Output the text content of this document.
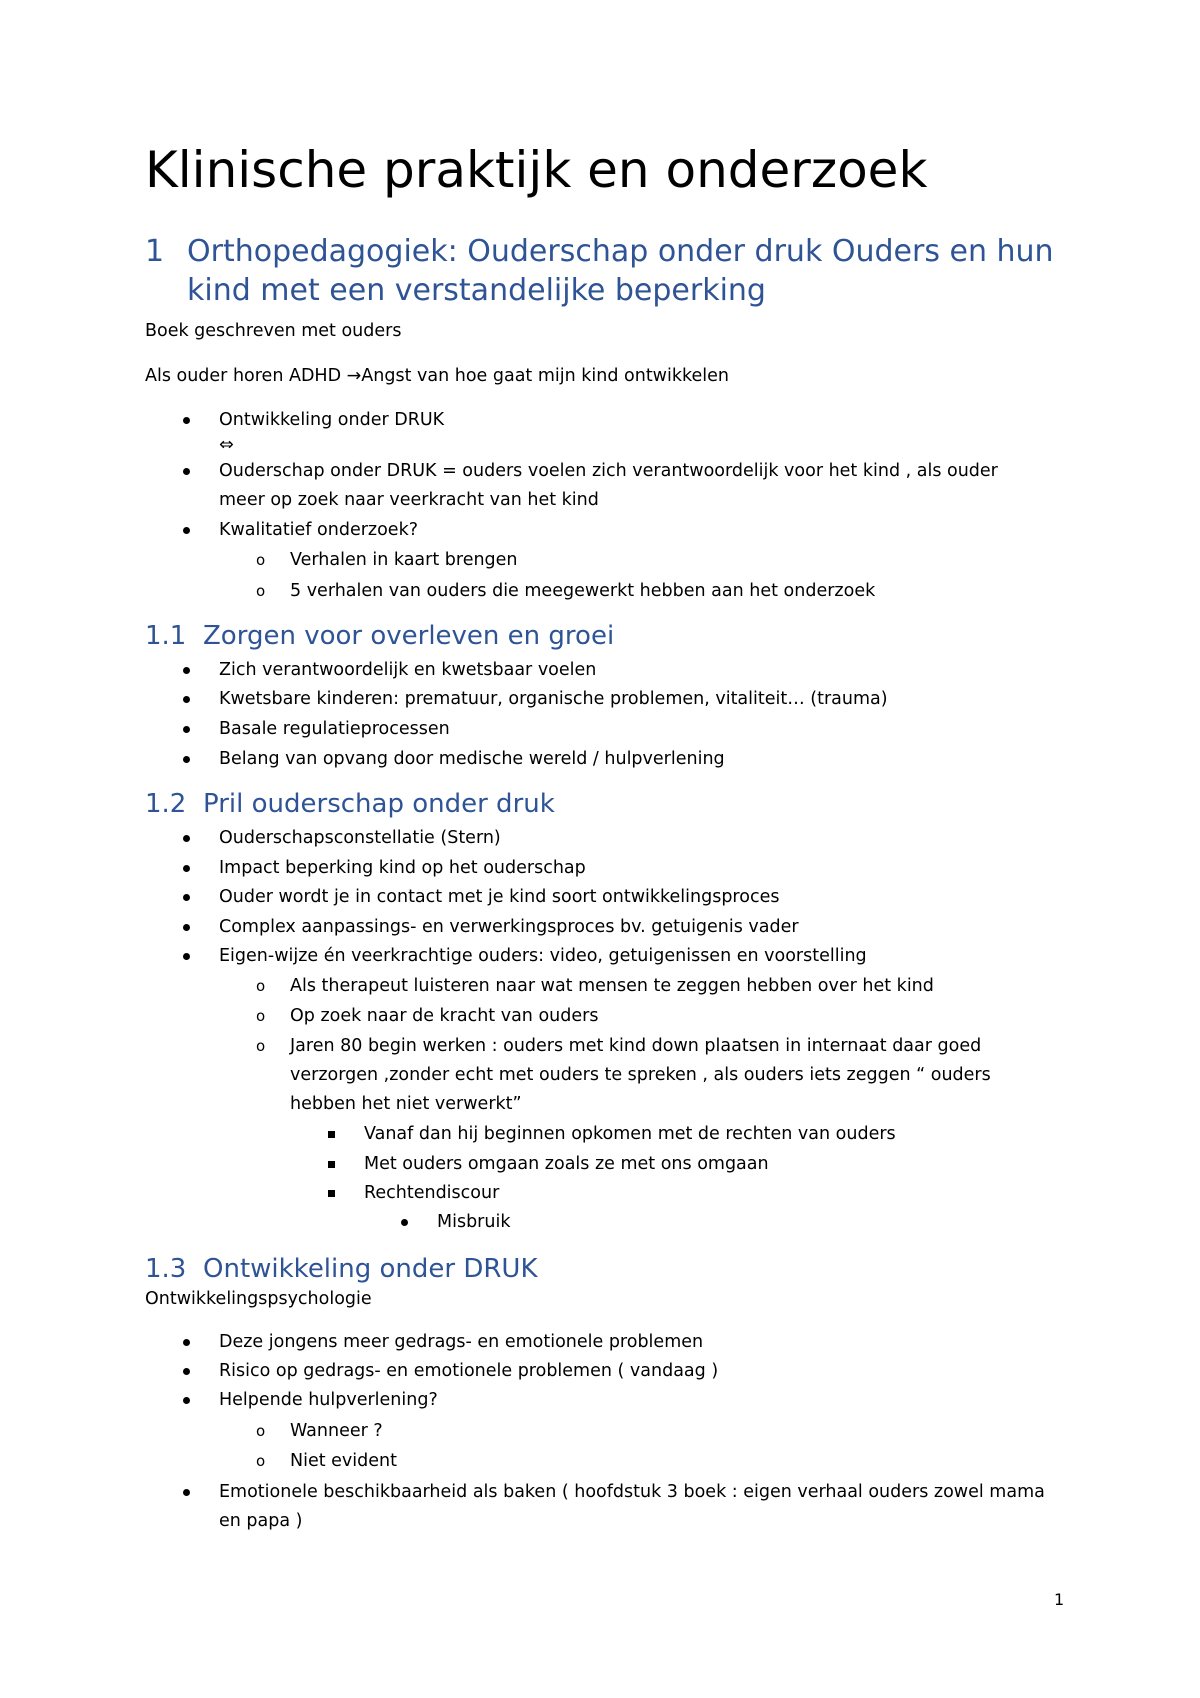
Klinische praktijk en onderzoek
1 Orthopedagogiek: Ouderschap onder druk Ouders en hun kind met een verstandelijke beperking
Boek geschreven met ouders
Als ouder horen ADHD →Angst van hoe gaat mijn kind ontwikkelen
Ontwikkeling onder DRUK
⇔
Ouderschap onder DRUK = ouders voelen zich verantwoordelijk voor het kind , als ouder
meer op zoek naar veerkracht van het kind
Kwalitatief onderzoek?
o Verhalen in kaart brengen
o 5 verhalen van ouders die meegewerkt hebben aan het onderzoek
1.1 Zorgen voor overleven en groei
Zich verantwoordelijk en kwetsbaar voelen
Kwetsbare kinderen: prematuur, organische problemen, vitaliteit… (trauma)
Basale regulatieprocessen
Belang van opvang door medische wereld / hulpverlening
1.2 Pril ouderschap onder druk
Ouderschapsconstellatie (Stern)
Impact beperking kind op het ouderschap
Ouder wordt je in contact met je kind soort ontwikkelingsproces
Complex aanpassings- en verwerkingsproces bv. getuigenis vader
Eigen-wijze én veerkrachtige ouders: video, getuigenissen en voorstelling
o Als therapeut luisteren naar wat mensen te zeggen hebben over het kind
o Op zoek naar de kracht van ouders
o Jaren 80 begin werken : ouders met kind down plaatsen in internaat daar goed
verzorgen ,zonder echt met ouders te spreken , als ouders iets zeggen “ ouders
hebben het niet verwerkt”
Vanaf dan hij beginnen opkomen met de rechten van ouders
Met ouders omgaan zoals ze met ons omgaan
Rechtendiscour
Misbruik
1.3 Ontwikkeling onder DRUK
Ontwikkelingspsychologie
Deze jongens meer gedrags- en emotionele problemen
Risico op gedrags- en emotionele problemen ( vandaag )
Helpende hulpverlening?
o Wanneer ?
o Niet evident
Emotionele beschikbaarheid als baken ( hoofdstuk 3 boek : eigen verhaal ouders zowel mama
en papa )
1
